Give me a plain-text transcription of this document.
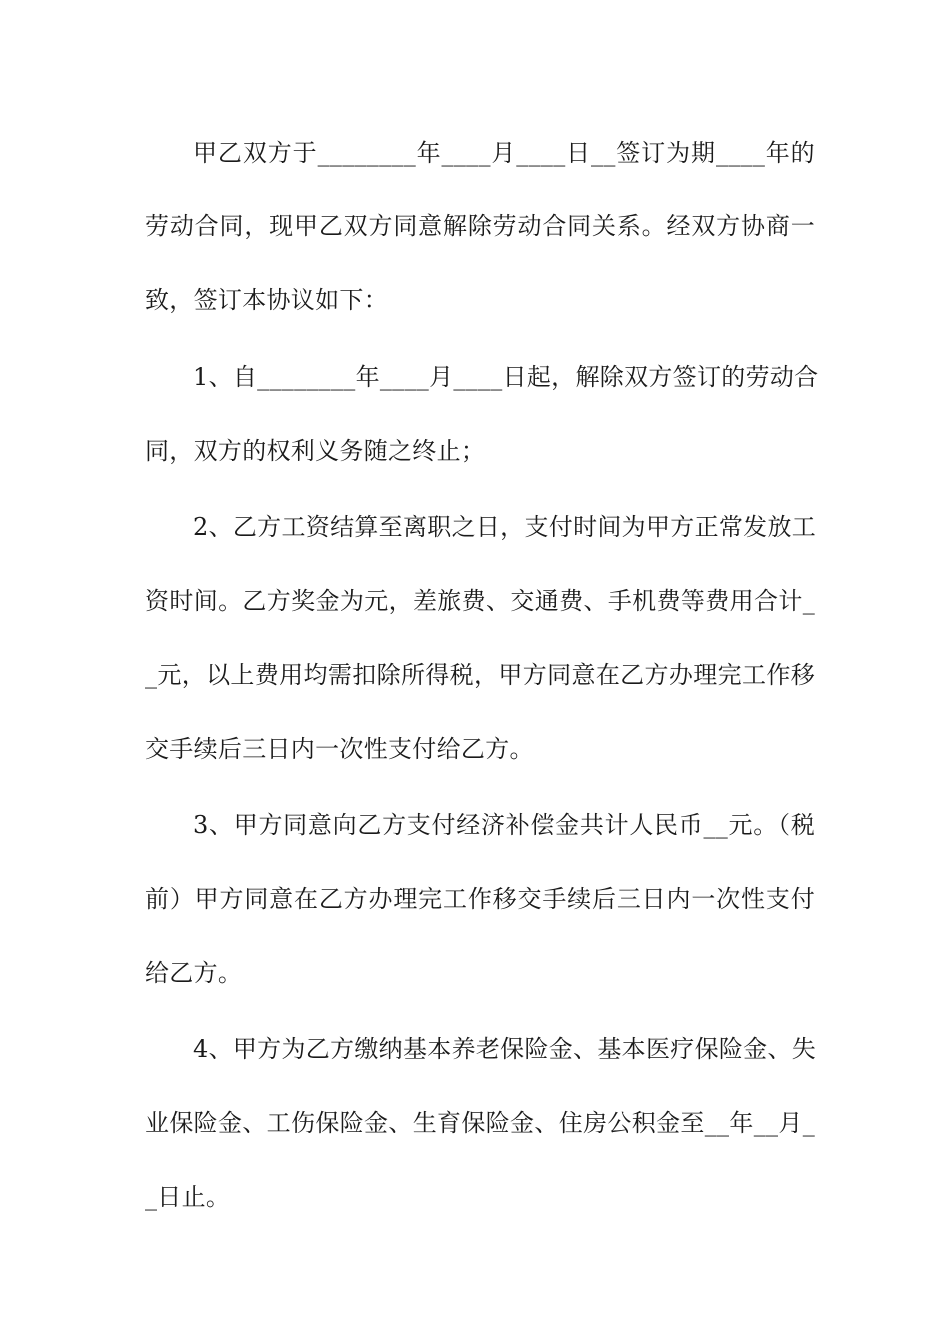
甲乙双方于________年____月____日__签订为期____年的
劳动合同，现甲乙双方同意解除劳动合同关系。经双方协商一
致，签订本协议如下：
1、自________年____月____日起，解除双方签订的劳动合
同，双方的权利义务随之终止；
2、乙方工资结算至离职之日，支付时间为甲方正常发放工
资时间。乙方奖金为元，差旅费、交通费、手机费等费用合计_
_元，以上费用均需扣除所得税，甲方同意在乙方办理完工作移
交手续后三日内一次性支付给乙方。
3、甲方同意向乙方支付经济补偿金共计人民币__元。（税
前）甲方同意在乙方办理完工作移交手续后三日内一次性支付
给乙方。
4、甲方为乙方缴纳基本养老保险金、基本医疗保险金、失
业保险金、工伤保险金、生育保险金、住房公积金至__年__月_
_日止。
